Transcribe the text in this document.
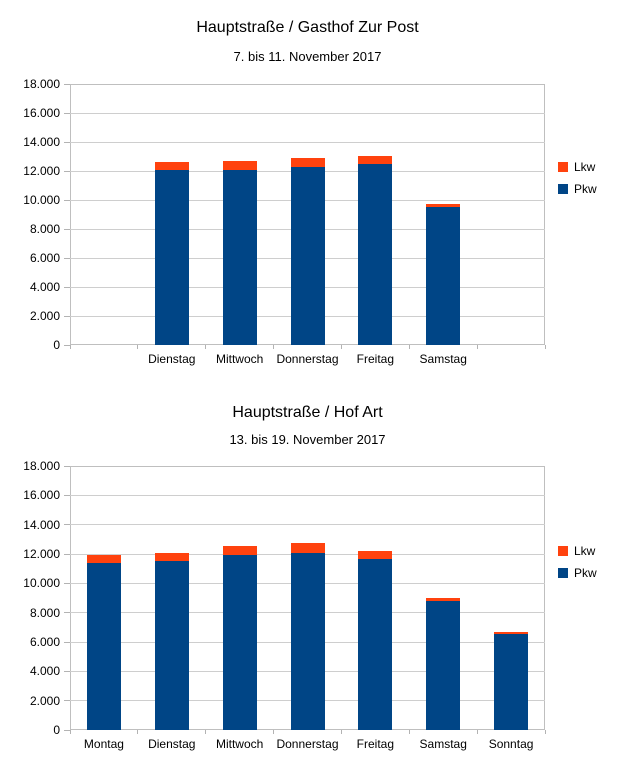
Hauptstraße / Gasthof Zur Post
7. bis 11. November 2017
Hauptstraße / Hof Art
13. bis 19. November 2017
18.000
16.000
14.000
12.000
10.000
8.000
6.000
4.000
2.000
0
Dienstag	Mittwoch	Donnerstag	Freitag	Samstag
Lkw
Pkw
18.000
16.000
14.000
12.000
10.000
8.000
6.000
4.000
2.000
0
Montag	Dienstag	Mittwoch	Donnerstag	Freitag	Samstag	Sonntag
Lkw
Pkw
